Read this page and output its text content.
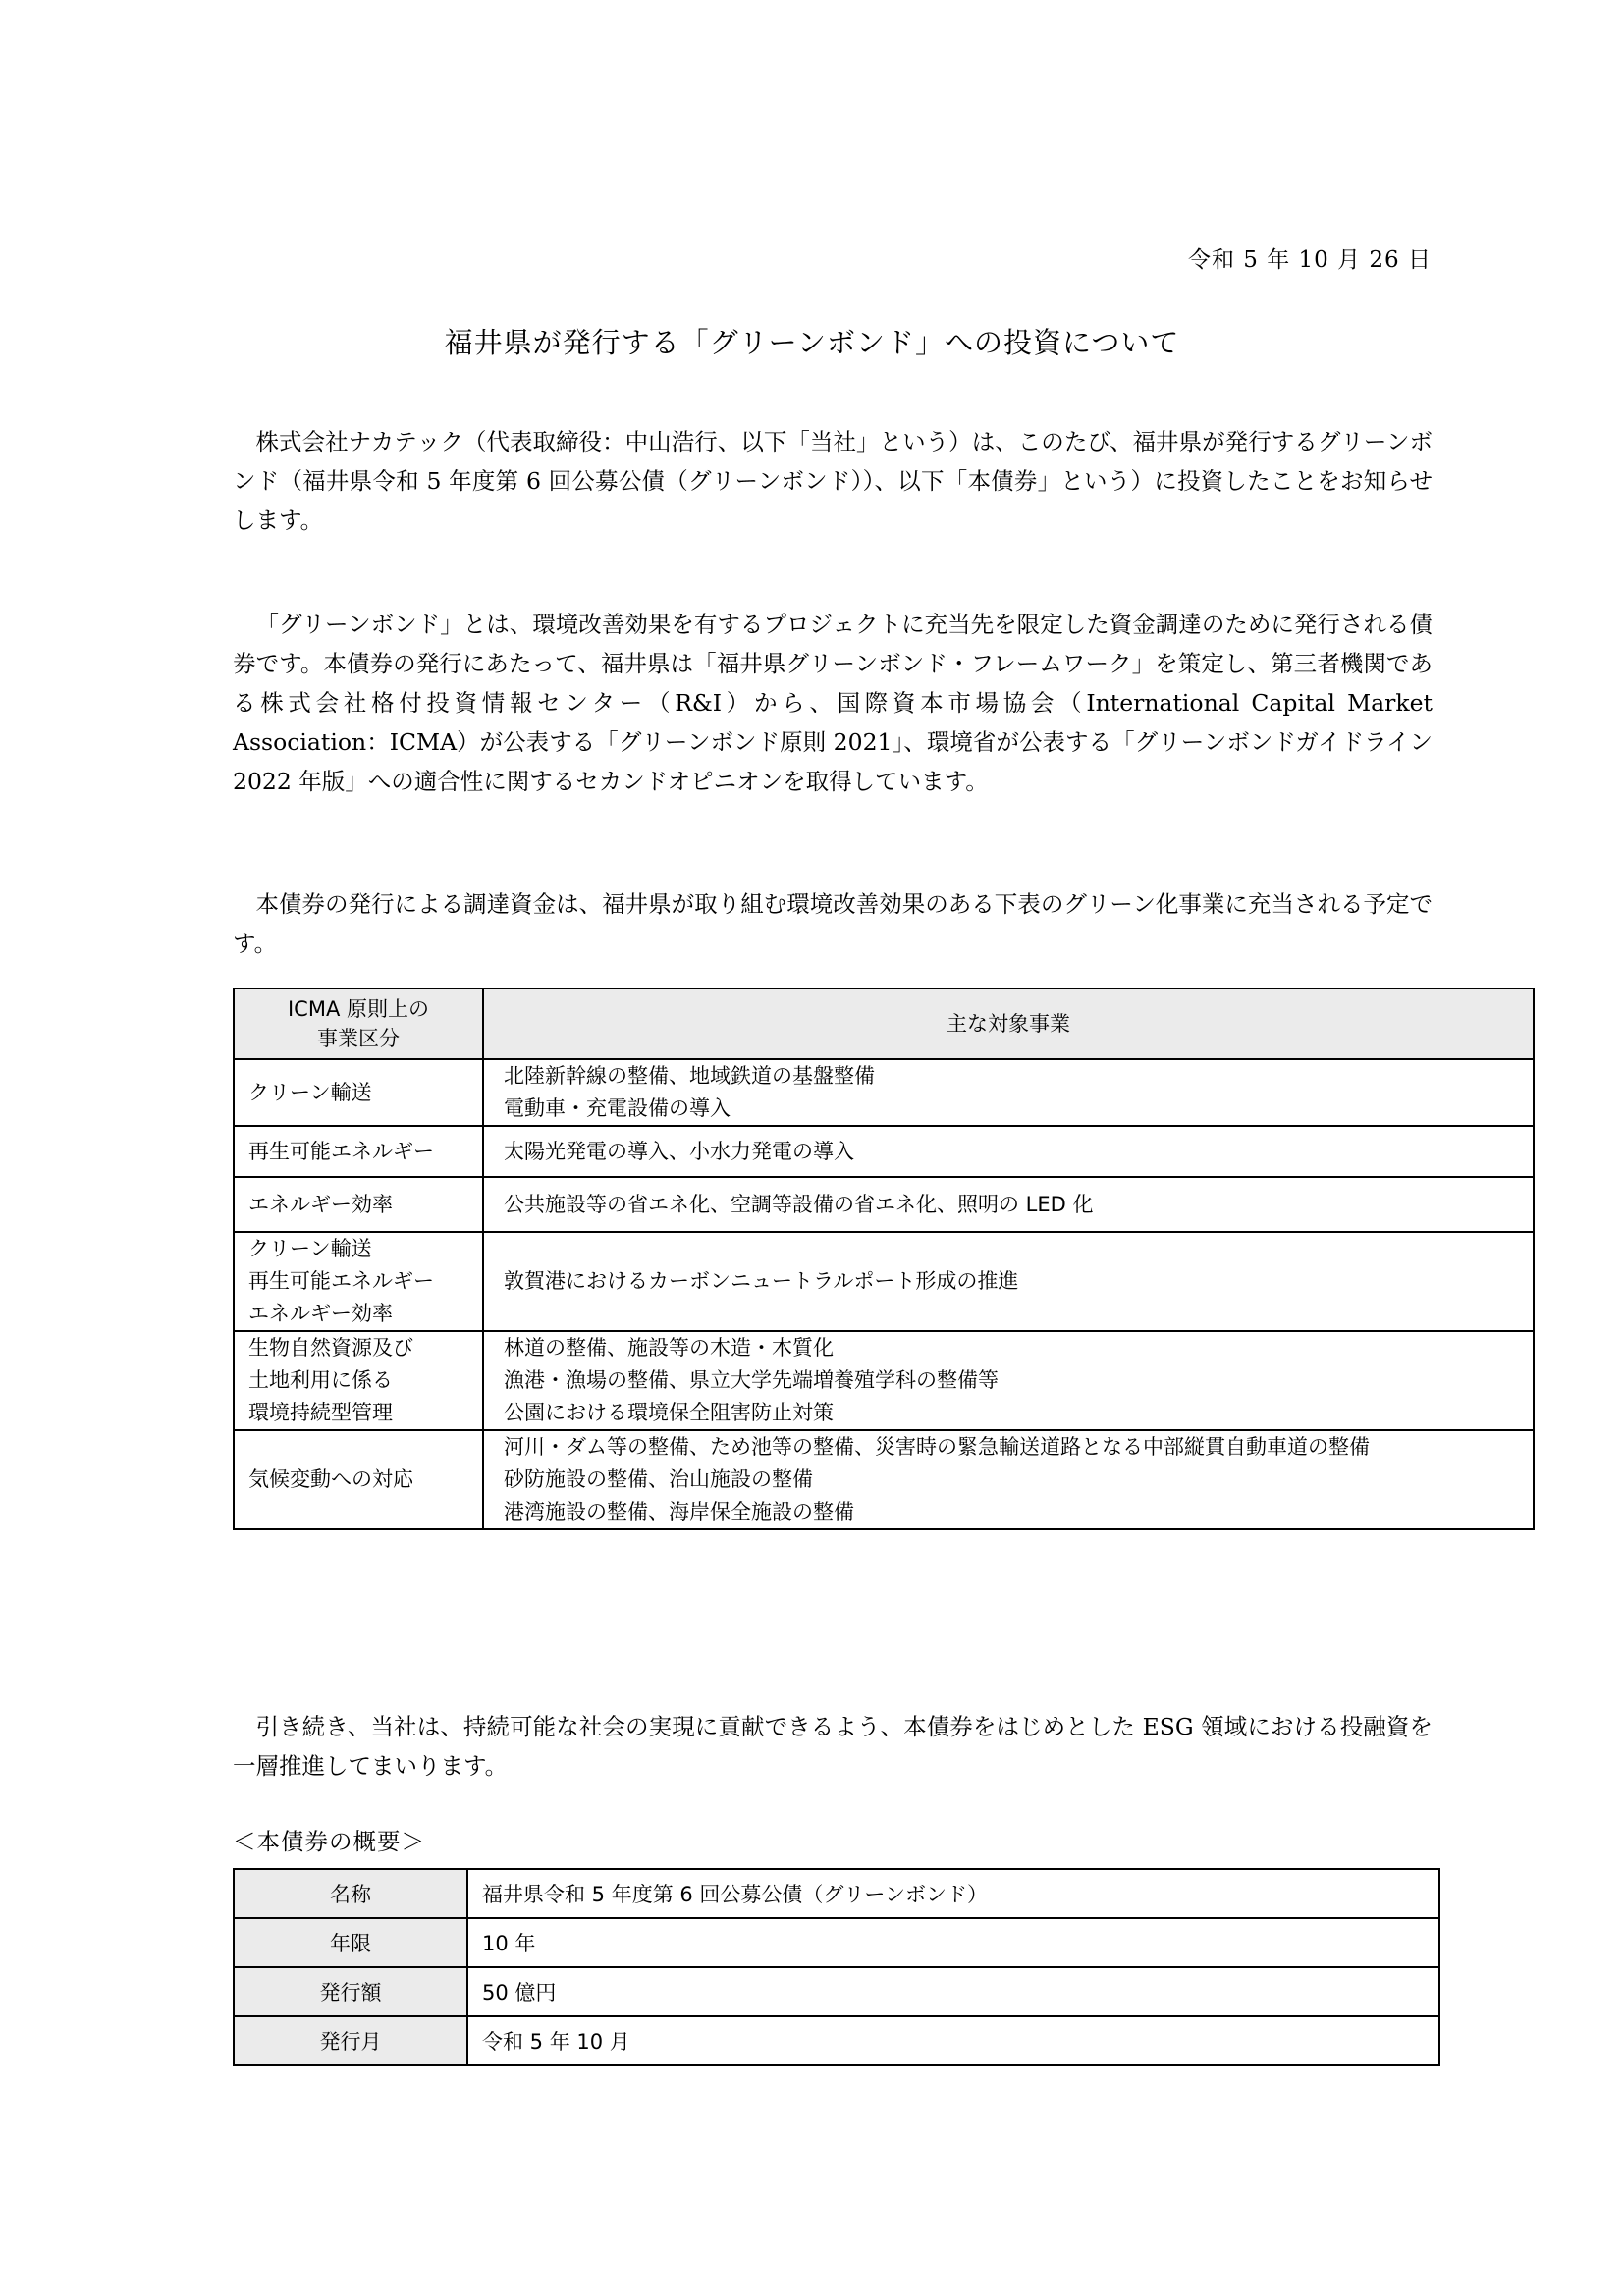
令和 5 年 10 月 26 日
福井県が発行する「グリーンボンド」への投資について

株式会社ナカテック（代表取締役：中山浩行、以下「当社」という）は、このたび、福井県が発行するグリーンボンド（福井県令和 5 年度第 6 回公募公債（グリーンボンド））、以下「本債券」という）に投資したことをお知らせします。

「グリーンボンド」とは、環境改善効果を有するプロジェクトに充当先を限定した資金調達のために発行される債券です。本債券の発行にあたって、福井県は「福井県グリーンボンド・フレームワーク」を策定し、第三者機関である株式会社格付投資情報センター（R&I）から、国際資本市場協会（International Capital Market Association：ICMA）が公表する「グリーンボンド原則 2021」、環境省が公表する「グリーンボンドガイドライン 2022 年版」への適合性に関するセカンドオピニオンを取得しています。

本債券の発行による調達資金は、福井県が取り組む環境改善効果のある下表のグリーン化事業に充当される予定です。

ICMA 原則上の
事業区分	主な対象事業

クリーン輸送	北陸新幹線の整備、地域鉄道の基盤整備
電動車・充電設備の導入

再生可能エネルギー	太陽光発電の導入、小水力発電の導入

エネルギー効率	公共施設等の省エネ化、空調等設備の省エネ化、照明の LED 化

クリーン輸送
再生可能エネルギー
エネルギー効率	敦賀港におけるカーボンニュートラルポート形成の推進

生物自然資源及び
土地利用に係る
環境持続型管理	林道の整備、施設等の木造・木質化
漁港・漁場の整備、県立大学先端増養殖学科の整備等
公園における環境保全阻害防止対策

気候変動への対応	河川・ダム等の整備、ため池等の整備、災害時の緊急輸送道路となる中部縦貫自動車道の整備
砂防施設の整備、治山施設の整備
港湾施設の整備、海岸保全施設の整備

引き続き、当社は、持続可能な社会の実現に貢献できるよう、本債券をはじめとした ESG 領域における投融資を一層推進してまいります。

＜本債券の概要＞
名称	福井県令和 5 年度第 6 回公募公債（グリーンボンド）
年限	10 年
発行額	50 億円
発行月	令和 5 年 10 月
